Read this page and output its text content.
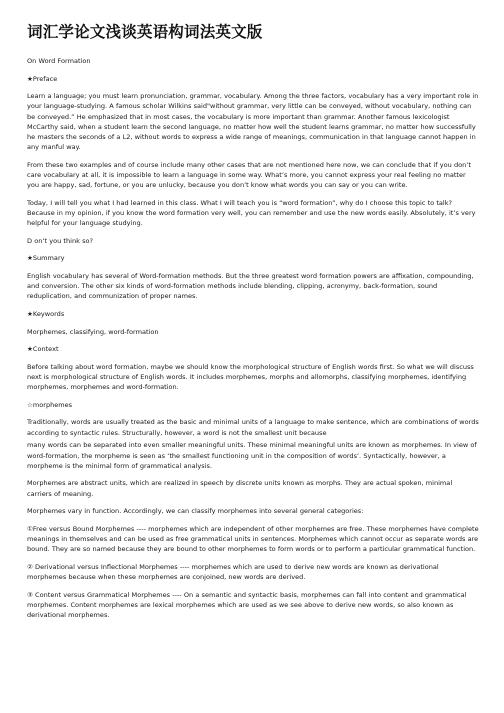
词汇学论文浅谈英语构词法英文版
On Word Formation
★Preface
Learn a language; you must learn pronunciation, grammar, vocabulary. Among the three factors, vocabulary has a very important role in your language-studying. A famous scholar Wilkins said"without grammar, very little can be conveyed, without vocabulary, nothing can be conveyed.” He emphasized that in most cases, the vocabulary is more important than grammar. Another famous lexicologist McCarthy said, when a student learn the second language, no matter how well the student learns grammar, no matter how successfully he masters the seconds of a L2, without words to express a wide range of meanings, communication in that language cannot happen in any manful way.
From these two examples and of course include many other cases that are not mentioned here now, we can conclude that if you don’t care vocabulary at all, it is impossible to learn a language in some way. What’s more, you cannot express your real feeling no matter you are happy, sad, fortune, or you are unlucky, because you don’t know what words you can say or you can write.
Today, I will tell you what I had learned in this class. What I will teach you is “word formation”, why do I choose this topic to talk? Because in my opinion, if you know the word formation very well, you can remember and use the new words easily. Absolutely, it’s very helpful for your language studying.
D on’t you think so?
★Summary
English vocabulary has several of Word-formation methods. But the three greatest word formation powers are affixation, compounding, and conversion. The other six kinds of word-formation methods include blending, clipping, acronymy, back-formation, sound reduplication, and communization of proper names.
★Keywords
Morphemes, classifying, word-formation
★Context
Before talking about word formation, maybe we should know the morphological structure of English words first. So what we will discuss next is morphological structure of English words. It includes morphemes, morphs and allomorphs, classifying morphemes, identifying morphemes, morphemes and word-formation.
☆morphemes
Traditionally, words are usually treated as the basic and minimal units of a language to make sentence, which are combinations of words according to syntactic rules. Structurally, however, a word is not the smallest unit because
many words can be separated into even smaller meaningful units. These minimal meaningful units are known as morphemes. In view of word-formation, the morpheme is seen as ‘the smallest functioning unit in the composition of words’. Syntactically, however, a morpheme is the minimal form of grammatical analysis.
Morphemes are abstract units, which are realized in speech by discrete units known as morphs. They are actual spoken, minimal carriers of meaning.
Morphemes vary in function. Accordingly, we can classify morphemes into several general categories:
①Free versus Bound Morphemes ---- morphemes which are independent of other morphemes are free. These morphemes have complete meanings in themselves and can be used as free grammatical units in sentences. Morphemes which cannot occur as separate words are bound. They are so named because they are bound to other morphemes to form words or to perform a particular grammatical function.
② Derivational versus Inflectional Morphemes ---- morphemes which are used to derive new words are known as derivational morphemes because when these morphemes are conjoined, new words are derived.
③ Content versus Grammatical Morphemes ---- On a semantic and syntactic basis, morphemes can fall into content and grammatical morphemes. Content morphemes are lexical morphemes which are used as we see above to derive new words, so also known as derivational morphemes.
